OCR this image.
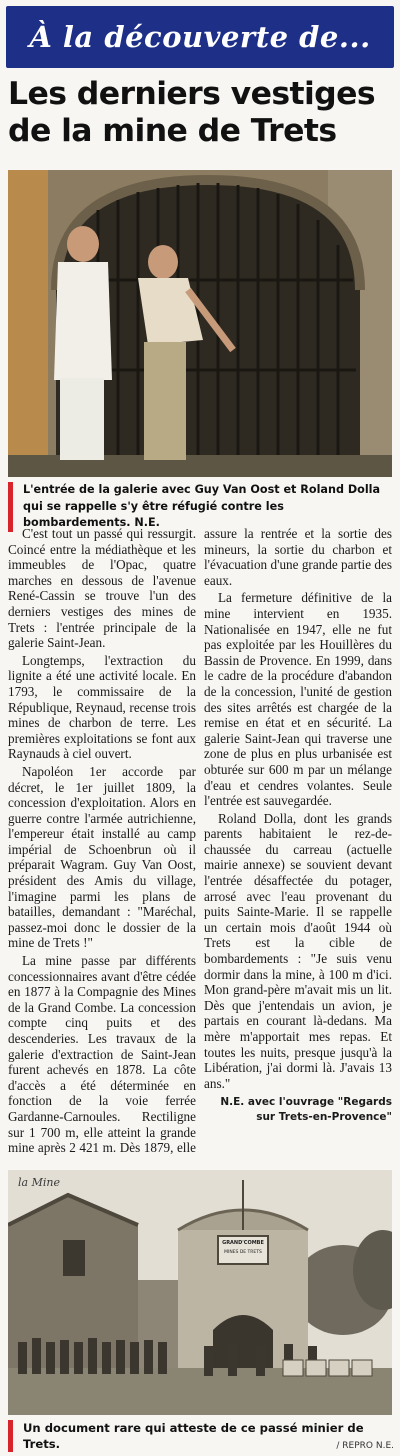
À la découverte de...
Les derniers vestiges de la mine de Trets
L'entrée de la galerie avec Guy Van Oost et Roland Dolla qui se rappelle s'y être réfugié contre les bombardements. N.E.

C'est tout un passé qui ressurgit. Coincé entre la médiathèque et les immeubles de l'Opac, quatre marches en dessous de l'avenue René-Cassin se trouve l'un des derniers vestiges des mines de Trets : l'entrée principale de la galerie Saint-Jean.

Longtemps, l'extraction du lignite a été une activité locale. En 1793, le commissaire de la République, Reynaud, recense trois mines de charbon de terre. Les premières exploitations se font aux Raynauds à ciel ouvert.

Napoléon 1er accorde par décret, le 1er juillet 1809, la concession d'exploitation. Alors en guerre contre l'armée autrichienne, l'empereur était installé au camp impérial de Schoenbrun où il préparait Wagram. Guy Van Oost, président des Amis du village, l'imagine parmi les plans de batailles, demandant : "Maréchal, passez-moi donc le dossier de la mine de Trets !"

La mine passe par différents concessionnaires avant d'être cédée en 1877 à la Compagnie des Mines de la Grand Combe. La concession compte cinq puits et des descenderies. Les travaux de la galerie d'extraction de Saint-Jean furent achevés en 1878. La côte d'accès a été déterminée en fonction de la voie ferrée Gardanne-Carnoules. Rectiligne sur 1 700 m, elle atteint la grande mine après 2 421 m. Dès 1879, elle assure la rentrée et la sortie des mineurs, la sortie du charbon et l'évacuation d'une grande partie des eaux.

La fermeture définitive de la mine intervient en 1935. Nationalisée en 1947, elle ne fut pas exploitée par les Houillères du Bassin de Provence. En 1999, dans le cadre de la procédure d'abandon de la concession, l'unité de gestion des sites arrêtés est chargée de la remise en état et en sécurité. La galerie Saint-Jean qui traverse une zone de plus en plus urbanisée est obturée sur 600 m par un mélange d'eau et cendres volantes. Seule l'entrée est sauvegardée.

Roland Dolla, dont les grands parents habitaient le rez-de-chaussée du carreau (actuelle mairie annexe) se souvient devant l'entrée désaffectée du potager, arrosé avec l'eau provenant du puits Sainte-Marie. Il se rappelle un certain mois d'août 1944 où Trets est la cible de bombardements : "Je suis venu dormir dans la mine, à 100 m d'ici. Mon grand-père m'avait mis un lit. Dès que j'entendais un avion, je partais en courant là-dedans. Ma mère m'apportait mes repas. Et toutes les nuits, presque jusqu'à la Libération, j'ai dormi là. J'avais 13 ans."

N.E. avec l'ouvrage "Regards sur Trets-en-Provence"

la Mine
GRAND'COMBE
MINES DE TRETS
Un document rare qui atteste de ce passé minier de Trets.	/ REPRO N.E.
